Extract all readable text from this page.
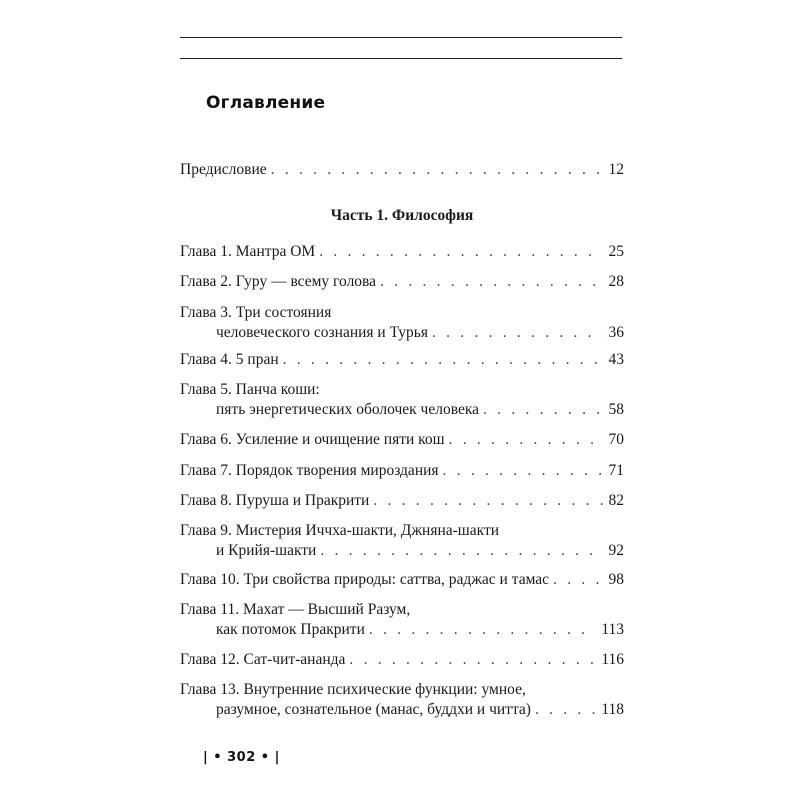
Оглавление
Предисловие . . .	12
Часть 1. Философия
Глава 1. Мантра ОМ . . .	25
Глава 2. Гуру — всему голова . . .	28
Глава 3. Три состояния
человеческого сознания и Турья . . .	36
Глава 4. 5 пран . . .	43
Глава 5. Панча коши:
пять энергетических оболочек человека . . .	58
Глава 6. Усиление и очищение пяти кош . . .	70
Глава 7. Порядок творения мироздания . . .	71
Глава 8. Пуруша и Пракрити . . .	82
Глава 9. Мистерия Иччха-шакти, Джняна-шакти
и Крийя-шакти . . .	92
Глава 10. Три свойства природы: саттва, раджас и тамас . . .	98
Глава 11. Махат — Высший Разум,
как потомок Пракрити . . .	113
Глава 12. Сат-чит-ананда . . .	116
Глава 13. Внутренние психические функции: умное,
разумное, сознательное (манас, буддхи и читта) . . .	118
| • 302 • |
